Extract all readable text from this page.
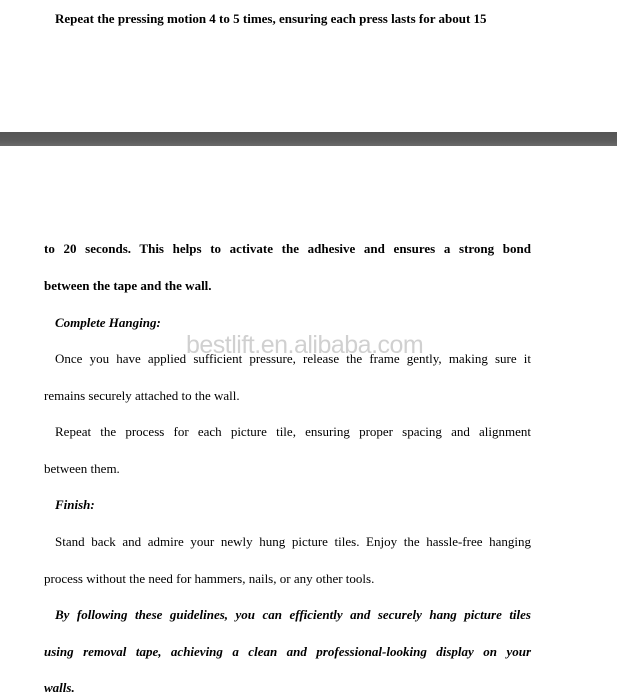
Repeat the pressing motion 4 to 5 times, ensuring each press lasts for about 15
to 20 seconds. This helps to activate the adhesive and ensures a strong bond
between the tape and the wall.
Complete Hanging:
Once you have applied sufficient pressure, release the frame gently, making sure it
remains securely attached to the wall.
Repeat the process for each picture tile, ensuring proper spacing and alignment
between them.
Finish:
Stand back and admire your newly hung picture tiles. Enjoy the hassle-free hanging
process without the need for hammers, nails, or any other tools.
By following these guidelines, you can efficiently and securely hang picture tiles
using removal tape, achieving a clean and professional-looking display on your
walls.
bestlift.en.alibaba.com
